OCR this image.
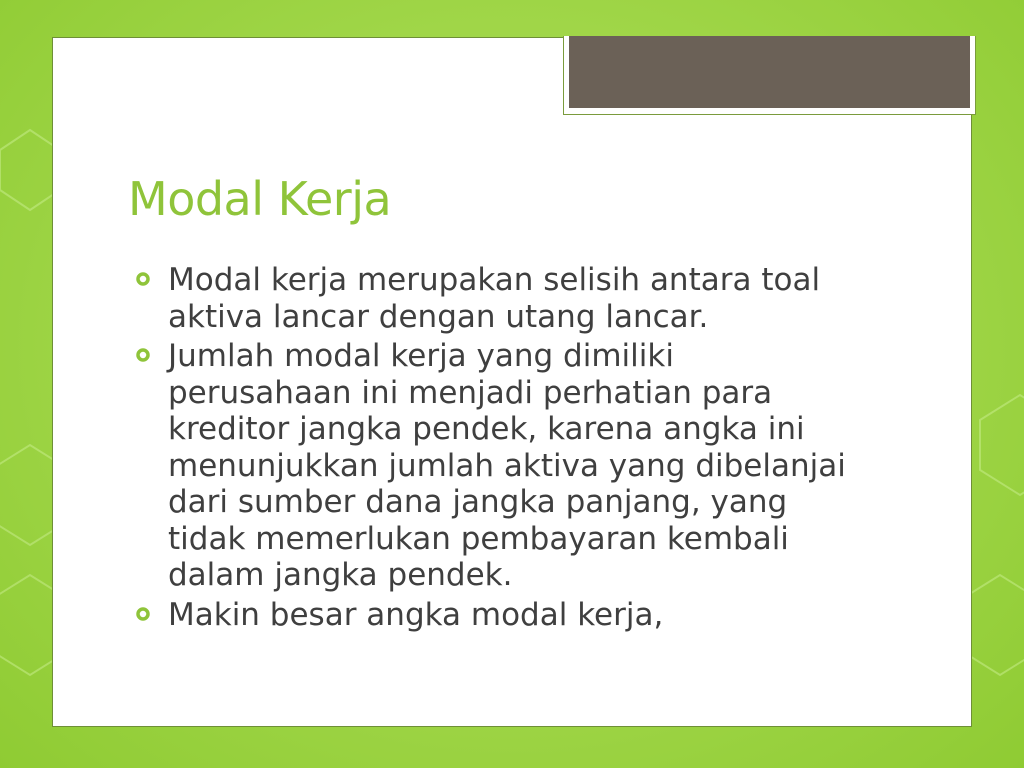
Modal Kerja
Modal kerja merupakan selisih antara toal aktiva lancar dengan utang lancar.
Jumlah modal kerja yang dimiliki perusahaan ini menjadi perhatian para kreditor jangka pendek, karena angka ini menunjukkan jumlah aktiva yang dibelanjai dari sumber dana jangka panjang, yang tidak memerlukan pembayaran kembali dalam jangka pendek.
Makin besar angka modal kerja,
